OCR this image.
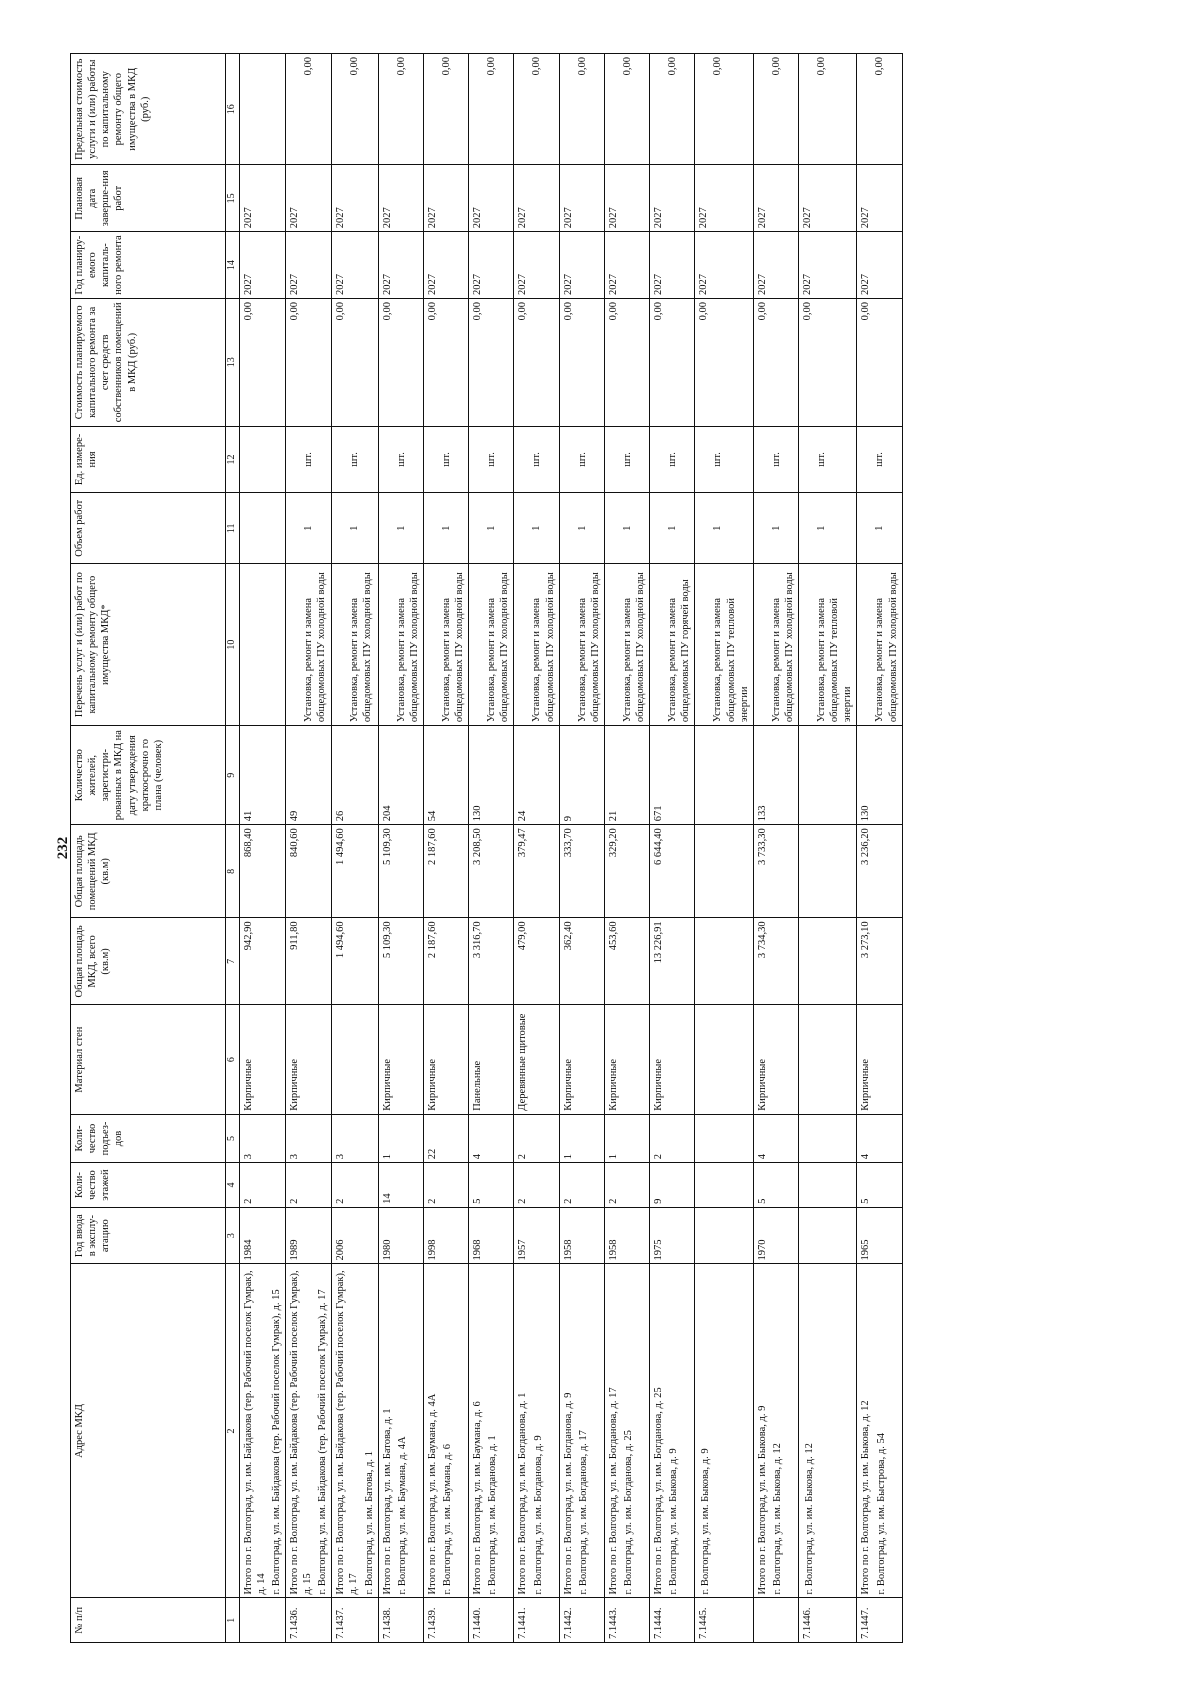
232
№ п/п	Адрес МКД	Год ввода в эксплу-атацию	Коли-чество этажей	Коли-чество подъез-дов	Материал стен	Общая площадь МКД, всего (кв.м)	Общая площадь помещений МКД (кв.м)	Количество жителей, зарегистри-рованных в МКД на дату утверждения краткосрочно го плана (человек)	Перечень услуг и (или) работ по капитальному ремонту общего имущества МКД*	Объем работ	Ед. измере-ния	Стоимость планируемого капитального ремонта за счет средств собственников помещений в МКД (руб.)	Год планиру-емого капиталь-ного ремонта	Плановая дата заверше-ния работ	Предельная стоимость услуги и (или) работы по капитальному ремонту общего имущества в МКД (руб.)
1	2	3	4	5	6	7	8	9	10	11	12	13	14	15	16

	Итого по г. Волгоград, ул. им. Байдакова (тер. Рабочий поселок Гумрак), д. 14 г. Волгоград, ул. им. Байдакова (тер. Рабочий поселок Гумрак), д. 15	1984	2	3	Кирпичные	942,90	868,40	41				0,00	2027	2027	
7.1436.	Итого по г. Волгоград, ул. им. Байдакова (тер. Рабочий поселок Гумрак), д. 15 г. Волгоград, ул. им. Байдакова (тер. Рабочий поселок Гумрак), д. 17	1989	2	3	Кирпичные	911,80	840,60	49	Установка, ремонт и замена общедомовых ПУ холодной воды	1	шт.	0,00	2027	2027	0,00
7.1437.	Итого по г. Волгоград, ул. им. Байдакова (тер. Рабочий поселок Гумрак), д. 17 г. Волгоград, ул. им. Батова, д. 1	2006	2	3		1 494,60	1 494,60	26	Установка, ремонт и замена общедомовых ПУ холодной воды	1	шт.	0,00	2027	2027	0,00
7.1438.	Итого по г. Волгоград, ул. им. Батова, д. 1 г. Волгоград, ул. им. Баумана, д. 4А	1980	14	1	Кирпичные	5 109,30	5 109,30	204	Установка, ремонт и замена общедомовых ПУ холодной воды	1	шт.	0,00	2027	2027	0,00
7.1439.	Итого по г. Волгоград, ул. им. Баумана, д. 4А г. Волгоград, ул. им. Баумана, д. 6	1998	2	22	Кирпичные	2 187,60	2 187,60	54	Установка, ремонт и замена общедомовых ПУ холодной воды	1	шт.	0,00	2027	2027	0,00
7.1440.	Итого по г. Волгоград, ул. им. Баумана, д. 6 г. Волгоград, ул. им. Богданова, д. 1	1968	5	4	Панельные	3 316,70	3 208,50	130	Установка, ремонт и замена общедомовых ПУ холодной воды	1	шт.	0,00	2027	2027	0,00
7.1441.	Итого по г. Волгоград, ул. им. Богданова, д. 1 г. Волгоград, ул. им. Богданова, д. 9	1957	2	2	Деревянные щитовые	479,00	379,47	24	Установка, ремонт и замена общедомовых ПУ холодной воды	1	шт.	0,00	2027	2027	0,00
7.1442.	Итого по г. Волгоград, ул. им. Богданова, д. 9 г. Волгоград, ул. им. Богданова, д. 17	1958	2	1	Кирпичные	362,40	333,70	9	Установка, ремонт и замена общедомовых ПУ холодной воды	1	шт.	0,00	2027	2027	0,00
7.1443.	Итого по г. Волгоград, ул. им. Богданова, д. 17 г. Волгоград, ул. им. Богданова, д. 25	1958	2	1	Кирпичные	453,60	329,20	21	Установка, ремонт и замена общедомовых ПУ холодной воды	1	шт.	0,00	2027	2027	0,00
7.1444.	Итого по г. Волгоград, ул. им. Богданова, д. 25 г. Волгоград, ул. им. Быкова, д. 9	1975	9	2	Кирпичные	13 226,91	6 644,40	671	Установка, ремонт и замена общедомовых ПУ горячей воды	1	шт.	0,00	2027	2027	0,00
7.1445.	г. Волгоград, ул. им. Быкова, д. 9								Установка, ремонт и замена общедомовых ПУ тепловой энергии	1	шт.	0,00	2027	2027	0,00

	Итого по г. Волгоград, ул. им. Быкова, д. 9 г. Волгоград, ул. им. Быкова, д. 12	1970	5	4	Кирпичные	3 734,30	3 733,30	133	Установка, ремонт и замена общедомовых ПУ холодной воды	1	шт.	0,00	2027	2027	0,00
7.1446.	г. Волгоград, ул. им. Быкова, д. 12								Установка, ремонт и замена общедомовых ПУ тепловой энергии	1	шт.	0,00	2027	2027	0,00
7.1447.	Итого по г. Волгоград, ул. им. Быкова, д. 12 г. Волгоград, ул. им. Быстрова, д. 54	1965	5	4	Кирпичные	3 273,10	3 236,20	130	Установка, ремонт и замена общедомовых ПУ холодной воды	1	шт.	0,00	2027	2027	0,00
